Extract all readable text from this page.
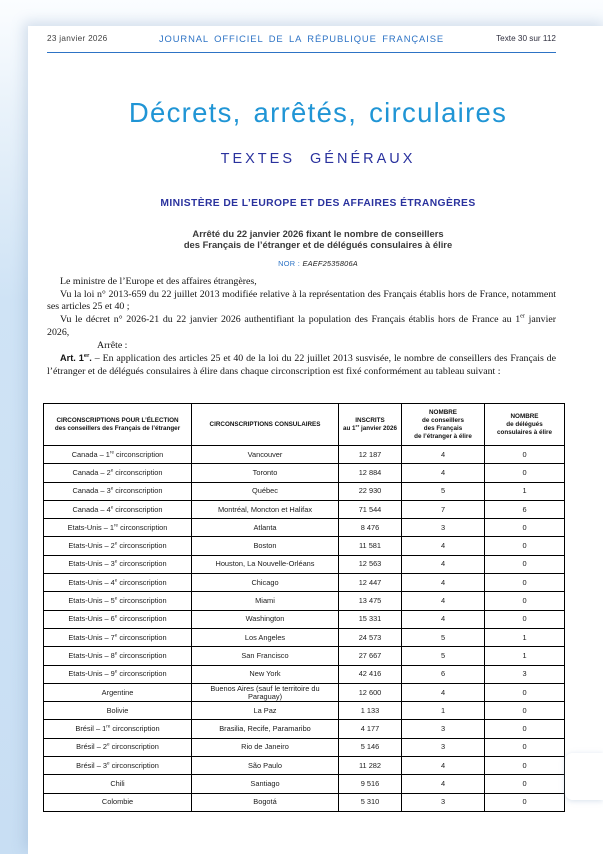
23 janvier 2026	JOURNAL OFFICIEL DE LA RÉPUBLIQUE FRANÇAISE	Texte 30 sur 112
Décrets, arrêtés, circulaires
TEXTES GÉNÉRAUX
MINISTÈRE DE L’EUROPE ET DES AFFAIRES ÉTRANGÈRES
Arrêté du 22 janvier 2026 fixant le nombre de conseillers
des Français de l’étranger et de délégués consulaires à élire
NOR : EAEF2535806A

Le ministre de l’Europe et des affaires étrangères,

Vu la loi n° 2013-659 du 22 juillet 2013 modifiée relative à la représentation des Français établis hors de France, notamment ses articles 25 et 40 ;

Vu le décret n° 2026-21 du 22 janvier 2026 authentifiant la population des Français établis hors de France au 1er janvier 2026,

Arrête :

Art. 1er. – En application des articles 25 et 40 de la loi du 22 juillet 2013 susvisée, le nombre de conseillers des Français de l’étranger et de délégués consulaires à élire dans chaque circonscription est fixé conformément au tableau suivant :

CIRCONSCRIPTIONS POUR L’ÉLECTION
des conseillers des Français de l’étranger	CIRCONSCRIPTIONS CONSULAIRES	INSCRITS
au 1er janvier 2026	NOMBRE
de conseillers
des Français
de l’étranger à élire	NOMBRE
de délégués
consulaires à élire
Canada – 1re circonscription	Vancouver	12 187	4	0
Canada – 2e circonscription	Toronto	12 884	4	0
Canada – 3e circonscription	Québec	22 930	5	1
Canada – 4e circonscription	Montréal, Moncton et Halifax	71 544	7	6
Etats-Unis – 1re circonscription	Atlanta	8 476	3	0
Etats-Unis – 2e circonscription	Boston	11 581	4	0
Etats-Unis – 3e circonscription	Houston, La Nouvelle-Orléans	12 563	4	0
Etats-Unis – 4e circonscription	Chicago	12 447	4	0
Etats-Unis – 5e circonscription	Miami	13 475	4	0
Etats-Unis – 6e circonscription	Washington	15 331	4	0
Etats-Unis – 7e circonscription	Los Angeles	24 573	5	1
Etats-Unis – 8e circonscription	San Francisco	27 667	5	1
Etats-Unis – 9e circonscription	New York	42 416	6	3
Argentine	Buenos Aires (sauf le territoire du Paraguay)	12 600	4	0
Bolivie	La Paz	1 133	1	0
Brésil – 1re circonscription	Brasilia, Recife, Paramaribo	4 177	3	0
Brésil – 2e circonscription	Rio de Janeiro	5 146	3	0
Brésil – 3e circonscription	São Paulo	11 282	4	0
Chili	Santiago	9 516	4	0
Colombie	Bogotá	5 310	3	0
